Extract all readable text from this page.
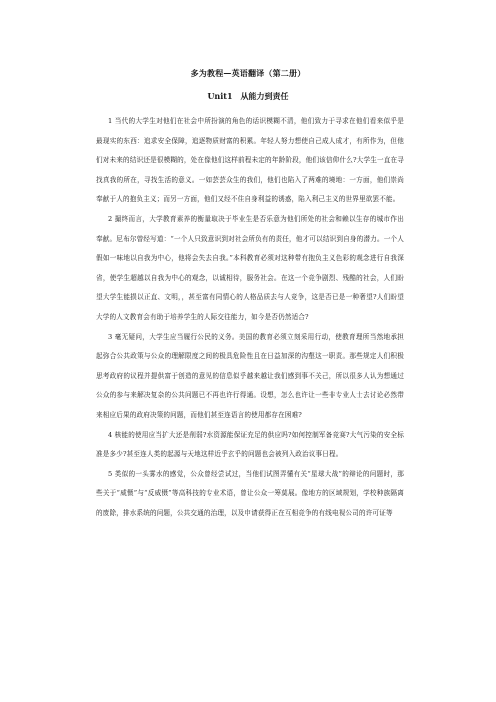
多为教程—英语翻译（第二册）
Unit1　从能力到责任

1 当代的大学生对他们在社会中所扮演的角色的话识模糊不清，他们致力于寻求在他们看来似乎是最现实的东西：追求安全保障，追逐物质财富的积累。年轻人努力想使自己成人成才，有所作为，但他们对未来的结识还是很模糊的，处在像他们这样前程未定的年龄阶段，他们该信仰什么?大学生一直在寻找真我的所在，寻找生活的意义。一如芸芸众生的我们，他们也陷入了两难的境地：一方面，他们崇尚奉献于人的抱负主义；而另一方面，他们又经不住自身利益的诱惑，陷入利己主义的世界里欲罢不能。

2 撮终而言，大学教育素养的衡量取决于毕业生是否乐意为他们所处的社会和赖以生存的城市作出奉献。尼布尔曾经写道：“一个人只致意识到对社会所负有的责任，他才可以结识到自身的潜力。一个人假如一味地以自我为中心，他将会失去自我。”本科教育必须对这种带有抱负主义色彩的观念进行自我深省，使学生超越以自我为中心的观念，以诚相待，服务社会。在这一个竞争剧烈、残酷的社会，人们盼望大学生能损以正直、文明，，甚至富有同情心的人格品质去与人竞争，这是否已是一种奢望?人们盼望大学的人文教育会有助于培养学生的人际交往能力，如今是否仍然适合?

3 毫无疑问，大学生应当履行公民的义务。美国的教育必须立刻采用行动，使教育理所当然地承担起弥合公共政策与公众的理解限度之间的极具危险性且在日益加深的沟壑这一职责。那些规定人们积极思考政府的议程并提供富于创造的意见的信息似乎越来越让我们感到事不关己，所以很多人认为想通过公众的参与来解决复杂的公共问题已不再也许行得通。设想，怎么也许让一些非专业人士去讨论必然带来相应后果的政府决策的问题，而他们甚至连语言的使用都存在困难?

4 核能的使用应当扩大还是削弱?水资源能保证充足的供应吗?如何控制军备竞赛?大气污染的安全标准是多少?甚至连人类的起源与天地这样近乎玄乎的问题也会被列入政治议事日程。

5 类似的一头雾水的感觉，公众曾经尝试过，当他们试图弄懂有关“星球大战”的辩论的问题时，那些关于“威慑”与“反威慑”等高科技的专业术语，曾让公众一筹莫展。像地方的区域规划，学校种族隔离的废除，排水系统的问题，公共交通的治理，以及申请获得正在互相竞争的有线电视公司的许可证等
